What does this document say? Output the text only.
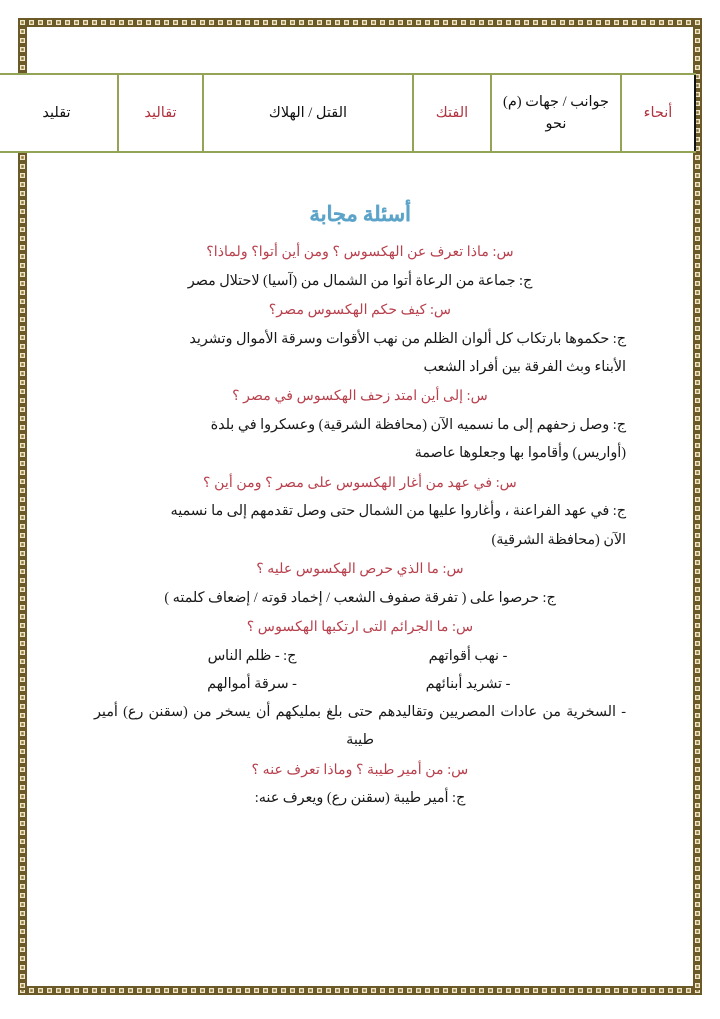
أنحاء	جوانب / جهات (م) نحو	الفتك	القتل / الهلاك	تقاليد	تقليد
أسئلة مجابة
س: ماذا تعرف عن الهكسوس ؟ ومن أين أتوا؟ ولماذا؟
ج: جماعة من الرعاة أتوا من الشمال من (آسيا) لاحتلال مصر
س: كيف حكم الهكسوس مصر؟
ج: حكموها بارتكاب كل ألوان الظلم من نهب الأقوات وسرقة الأموال وتشريد
الأبناء وبث الفرقة بين أفراد الشعب
س: إلى أين امتد زحف الهكسوس في مصر ؟
ج: وصل زحفهم إلى ما نسميه الآن (محافظة الشرقية) وعسكروا في بلدة
(أواريس) وأقاموا بها وجعلوها عاصمة
س: في عهد من أغار الهكسوس على مصر ؟ ومن أين ؟
ج: في عهد الفراعنة ، وأغاروا عليها من الشمال حتى وصل تقدمهم إلى ما نسميه
الآن (محافظة الشرقية)
س: ما الذي حرص الهكسوس عليه ؟
ج: حرصوا على ( تفرقة صفوف الشعب / إخماد قوته / إضعاف كلمته )
س: ما الجرائم التى ارتكبها الهكسوس ؟
ج: - ظلم الناس	- نهب أقواتهم
- سرقة أموالهم	- تشريد أبنائهم
- السخرية من عادات المصريين وتقاليدهم حتى بلغ بمليكهم أن يسخر من (سقنن رع) أمير طيبة
س: من أمير طيبة ؟ وماذا تعرف عنه ؟
ج: أمير طيبة (سقنن رع) ويعرف عنه:
